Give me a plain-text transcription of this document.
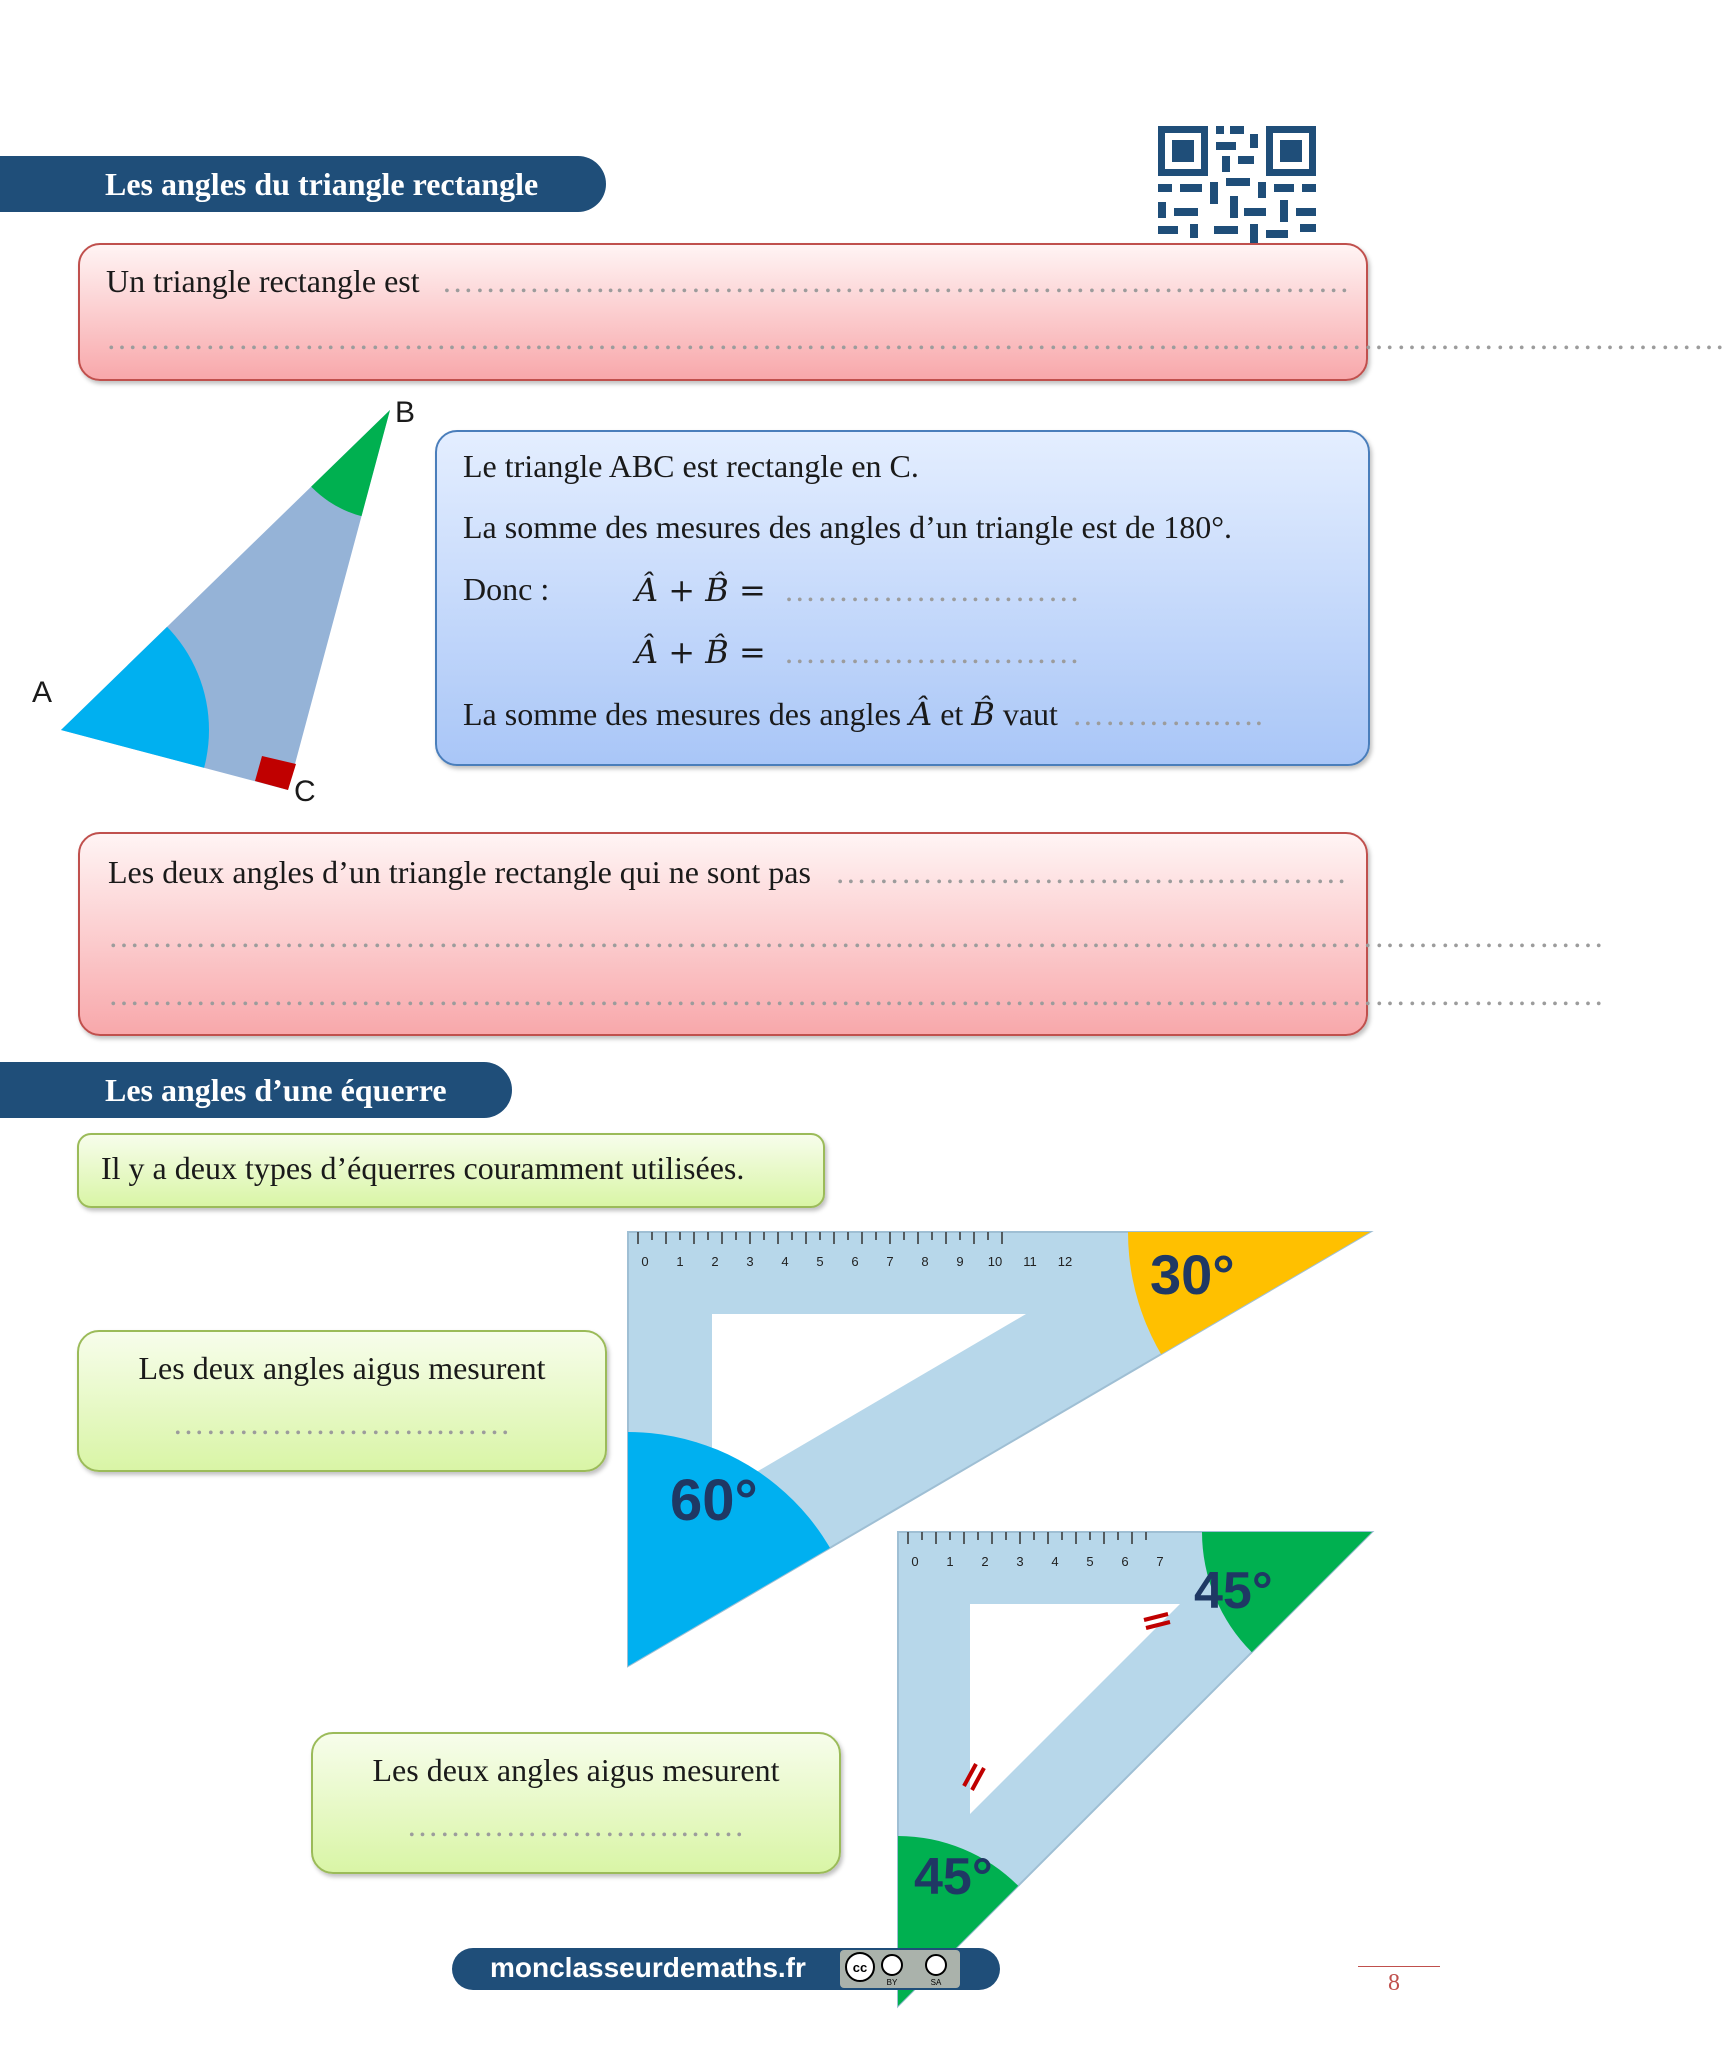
Les angles du triangle rectangle
Un triangle rectangle est ……………..…………………………………………………………
…………………………………..……………………………………………………..………………………………………
B
A
C
Le triangle ABC est rectangle en C.
La somme des mesures des angles d’un triangle est de 180°.
Donc :	Â + B̂ = ………………………
Â + B̂ = ………………………
La somme des mesures des angles Â et B̂ vaut …………..….
Les deux angles d’un triangle rectangle qui ne sont pas ……………………………..…………
………………………………..…………………………….………………..………………………………………
………………………………..…………………………….………………..………………………………………
Les angles d’une équerre
Il y a deux types d’équerres couramment utilisées.
0 1 2 3 4 5 6 7 8 9 10 11 12 30°
60°
Les deux angles aigus mesurent
…………………….……
0 1 2 3 4 5 6 7
45°
45°
Les deux angles aigus mesurent
…………………….……
monclasseurdemaths.fr	cc
BY	SA	8
